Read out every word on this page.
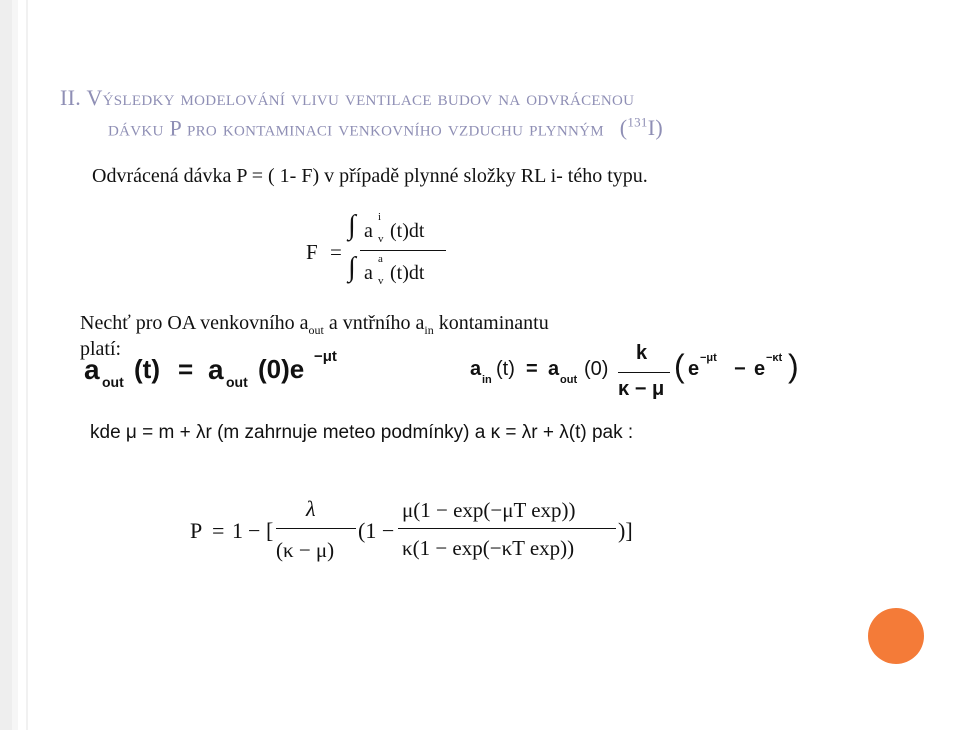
II. Výsledky modelování vlivu ventilace budov na odvrácenou
dávku P pro kontaminaci venkovního vzduchu plynným ($^{131}$I)
Odvrácená dávka P = ( 1- F) v případě plynné složky RL i- tého typu.
F =
∫ a
i
v (t)dt
∫ a
a
v (t)dt
Nechť pro OA venkovního $a_{out}$ a vntřního $a_{in}$ kontaminantu
platí:
a out (t) = a out (0)e −μt
a in (t) = a out (0)
k
κ − μ
( e −μt − e −κt )
kde μ = m + λr (m zahrnuje meteo podmínky) a κ = λr + λ(t) pak :
P = 1 − [
λ
(κ − μ)
(1 −
μ(1 − exp(−μT exp))
κ(1 − exp(−κT exp))
)]
